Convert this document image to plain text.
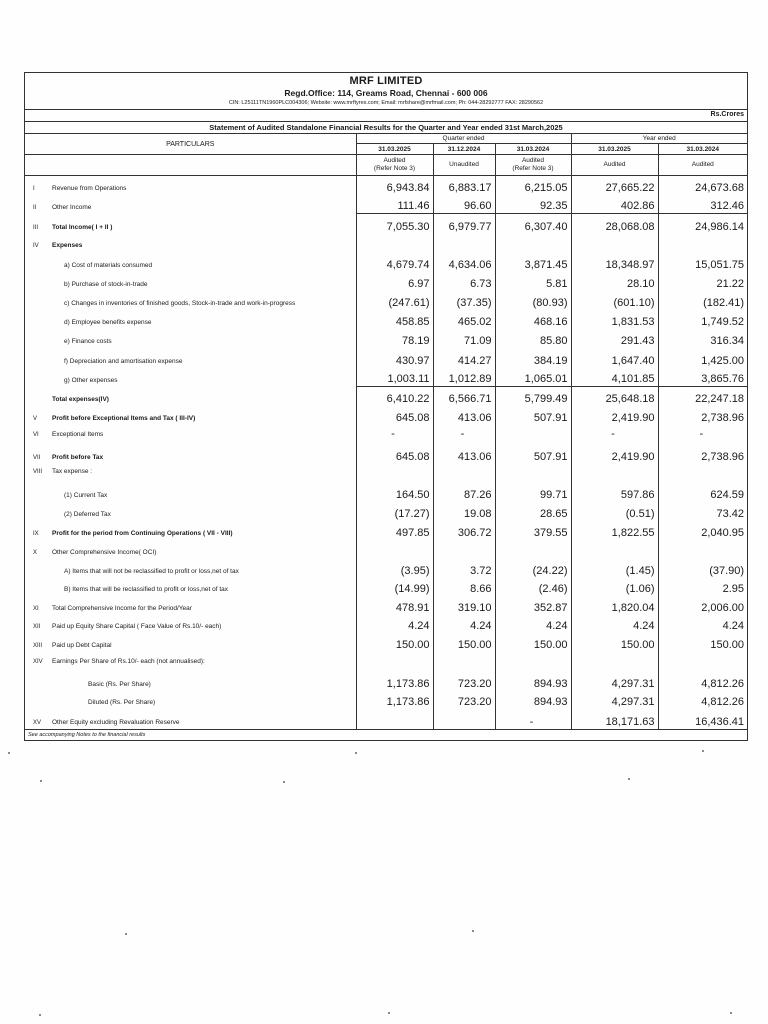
MRF LIMITED
Regd.Office: 114, Greams Road, Chennai - 600 006
CIN: L25111TN1960PLC004306; Website: www.mrftyres.com; Email: mrfshare@mrfmail.com; Ph: 044-28292777 FAX: 28290562
Rs.Crores
Statement of Audited Standalone Financial Results for the Quarter and Year ended 31st March,2025						
PARTICULARS		Quarter ended			Year ended	
		31.03.2025	31.12.2024	31.03.2024	31.03.2025	31.03.2024
		Audited
(Refer Note 3)	Unaudited	Audited
(Refer Note 3)	Audited	Audited
I	Revenue from Operations	6,943.84	6,883.17	6,215.05	27,665.22	24,673.68
II	Other Income	111.46	96.60	92.35	402.86	312.46
III	Total Income( I + II )	7,055.30	6,979.77	6,307.40	28,068.08	24,986.14
IV	Expenses					
	a) Cost of materials consumed	4,679.74	4,634.06	3,871.45	18,348.97	15,051.75
	b) Purchase of stock-in-trade	6.97	6.73	5.81	28.10	21.22
	c) Changes in inventories of finished goods, Stock-in-trade and work-in-progress	(247.61)	(37.35)	(80.93)	(601.10)	(182.41)
	d) Employee benefits expense	458.85	465.02	468.16	1,831.53	1,749.52
	e) Finance costs	78.19	71.09	85.80	291.43	316.34
	f) Depreciation and amortisation expense	430.97	414.27	384.19	1,647.40	1,425.00
	g) Other expenses	1,003.11	1,012.89	1,065.01	4,101.85	3,865.76
	Total expenses(IV)	6,410.22	6,566.71	5,799.49	25,648.18	22,247.18
V	Profit before Exceptional Items and Tax ( III-IV)	645.08	413.06	507.91	2,419.90	2,738.96
VI	Exceptional Items	-	-		-	-
VII	Profit before Tax	645.08	413.06	507.91	2,419.90	2,738.96
VIII	Tax expense :					
	(1) Current Tax	164.50	87.26	99.71	597.86	624.59
	(2) Deferred Tax	(17.27)	19.08	28.65	(0.51)	73.42
IX	Profit for the period from Continuing Operations ( VII - VIII)	497.85	306.72	379.55	1,822.55	2,040.95
X	Other Comprehensive Income( OCI)					
	A) Items that will not be reclassified to profit or loss,net of tax	(3.95)	3.72	(24.22)	(1.45)	(37.90)
	B) Items that will be reclassified to profit or loss,net of tax	(14.99)	8.66	(2.46)	(1.06)	2.95
XI	Total Comprehensive Income for the Period/Year	478.91	319.10	352.87	1,820.04	2,006.00
XII	Paid up Equity Share Capital ( Face Value of Rs.10/- each)	4.24	4.24	4.24	4.24	4.24
XIII	Paid up Debt Capital	150.00	150.00	150.00	150.00	150.00
XIV	Earnings Per Share of Rs.10/- each (not annualised):					
	Basic (Rs. Per Share)	1,173.86	723.20	894.93	4,297.31	4,812.26
	Diluted (Rs. Per Share)	1,173.86	723.20	894.93	4,297.31	4,812.26
XV	Other Equity excluding Revaluation Reserve			-	18,171.63	16,436.41
See accompanying Notes to the financial results
